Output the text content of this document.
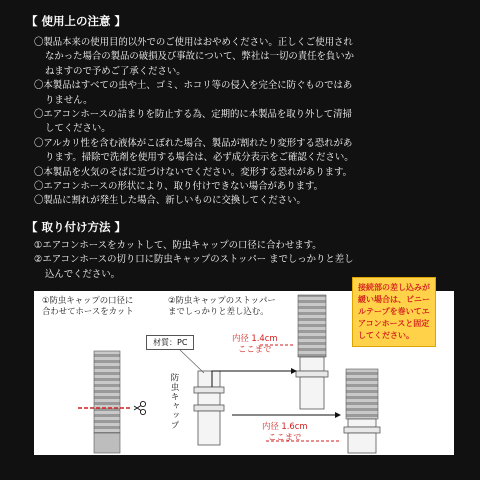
【 使用上の注意 】
〇製品本来の使用目的以外でのご使用はおやめください。正しくご使用され
なかった場合の製品の破損及び事故について、弊社は一切の責任を負いか
ねますので予めご了承ください。
〇本製品はすべての虫や土、ゴミ、ホコリ等の侵入を完全に防ぐものではあ
りません。
〇エアコンホースの詰まりを防止する為、定期的に本製品を取り外して清掃
してください。
〇アルカリ性を含む液体がこぼれた場合、製品が割れたり変形する恐れがあ
ります。掃除で洗剤を使用する場合は、必ず成分表示をご確認ください。
〇本製品を火気のそばに近づけないでください。変形する恐れがあります。
〇エアコンホースの形状により、取り付けできない場合があります。
〇製品に割れが発生した場合、新しいものに交換してください。
【 取り付け方法 】
①エアコンホースをカットして、防虫キャップの口径に合わせます。
②エアコンホースの切り口に防虫キャップのストッパー までしっかりと差し
込んでください。
①防虫キャップの口径に
合わせてホースをカット
②防虫キャップのストッパー
までしっかりと差し込む。
材質：PC
防虫キャップ
内径 1.4cm
ここまで
内径 1.6cm
ここまで
接続部の差し込みが
緩い場合は、ビニー
ルテープを巻いてエ
アコンホースと固定
してください。
